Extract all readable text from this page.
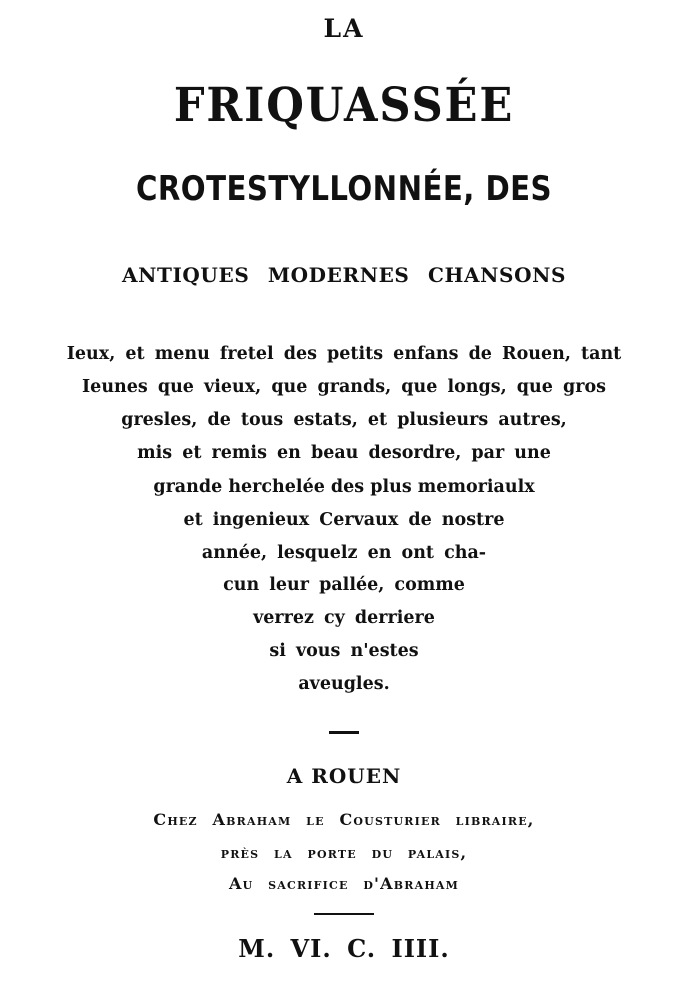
LA
FRIQUASSÉE
CROTESTYLLONNÉE, DES
ANTIQUES MODERNES CHANSONS
Ieux, et menu fretel des petits enfans de Rouen, tant
Ieunes que vieux, que grands, que longs, que gros
gresles, de tous estats, et plusieurs autres,
mis et remis en beau desordre, par une
grande herchelée des plus memoriaulx
et ingenieux Cervaux de nostre
année, lesquelz en ont cha-
cun leur pallée, comme
verrez cy derriere
si vous n'estes
aveugles.
A ROUEN
Chez Abraham le Cousturier libraire,
près la porte du palais,
Au sacrifice d'Abraham
M. VI. C. IIII.
